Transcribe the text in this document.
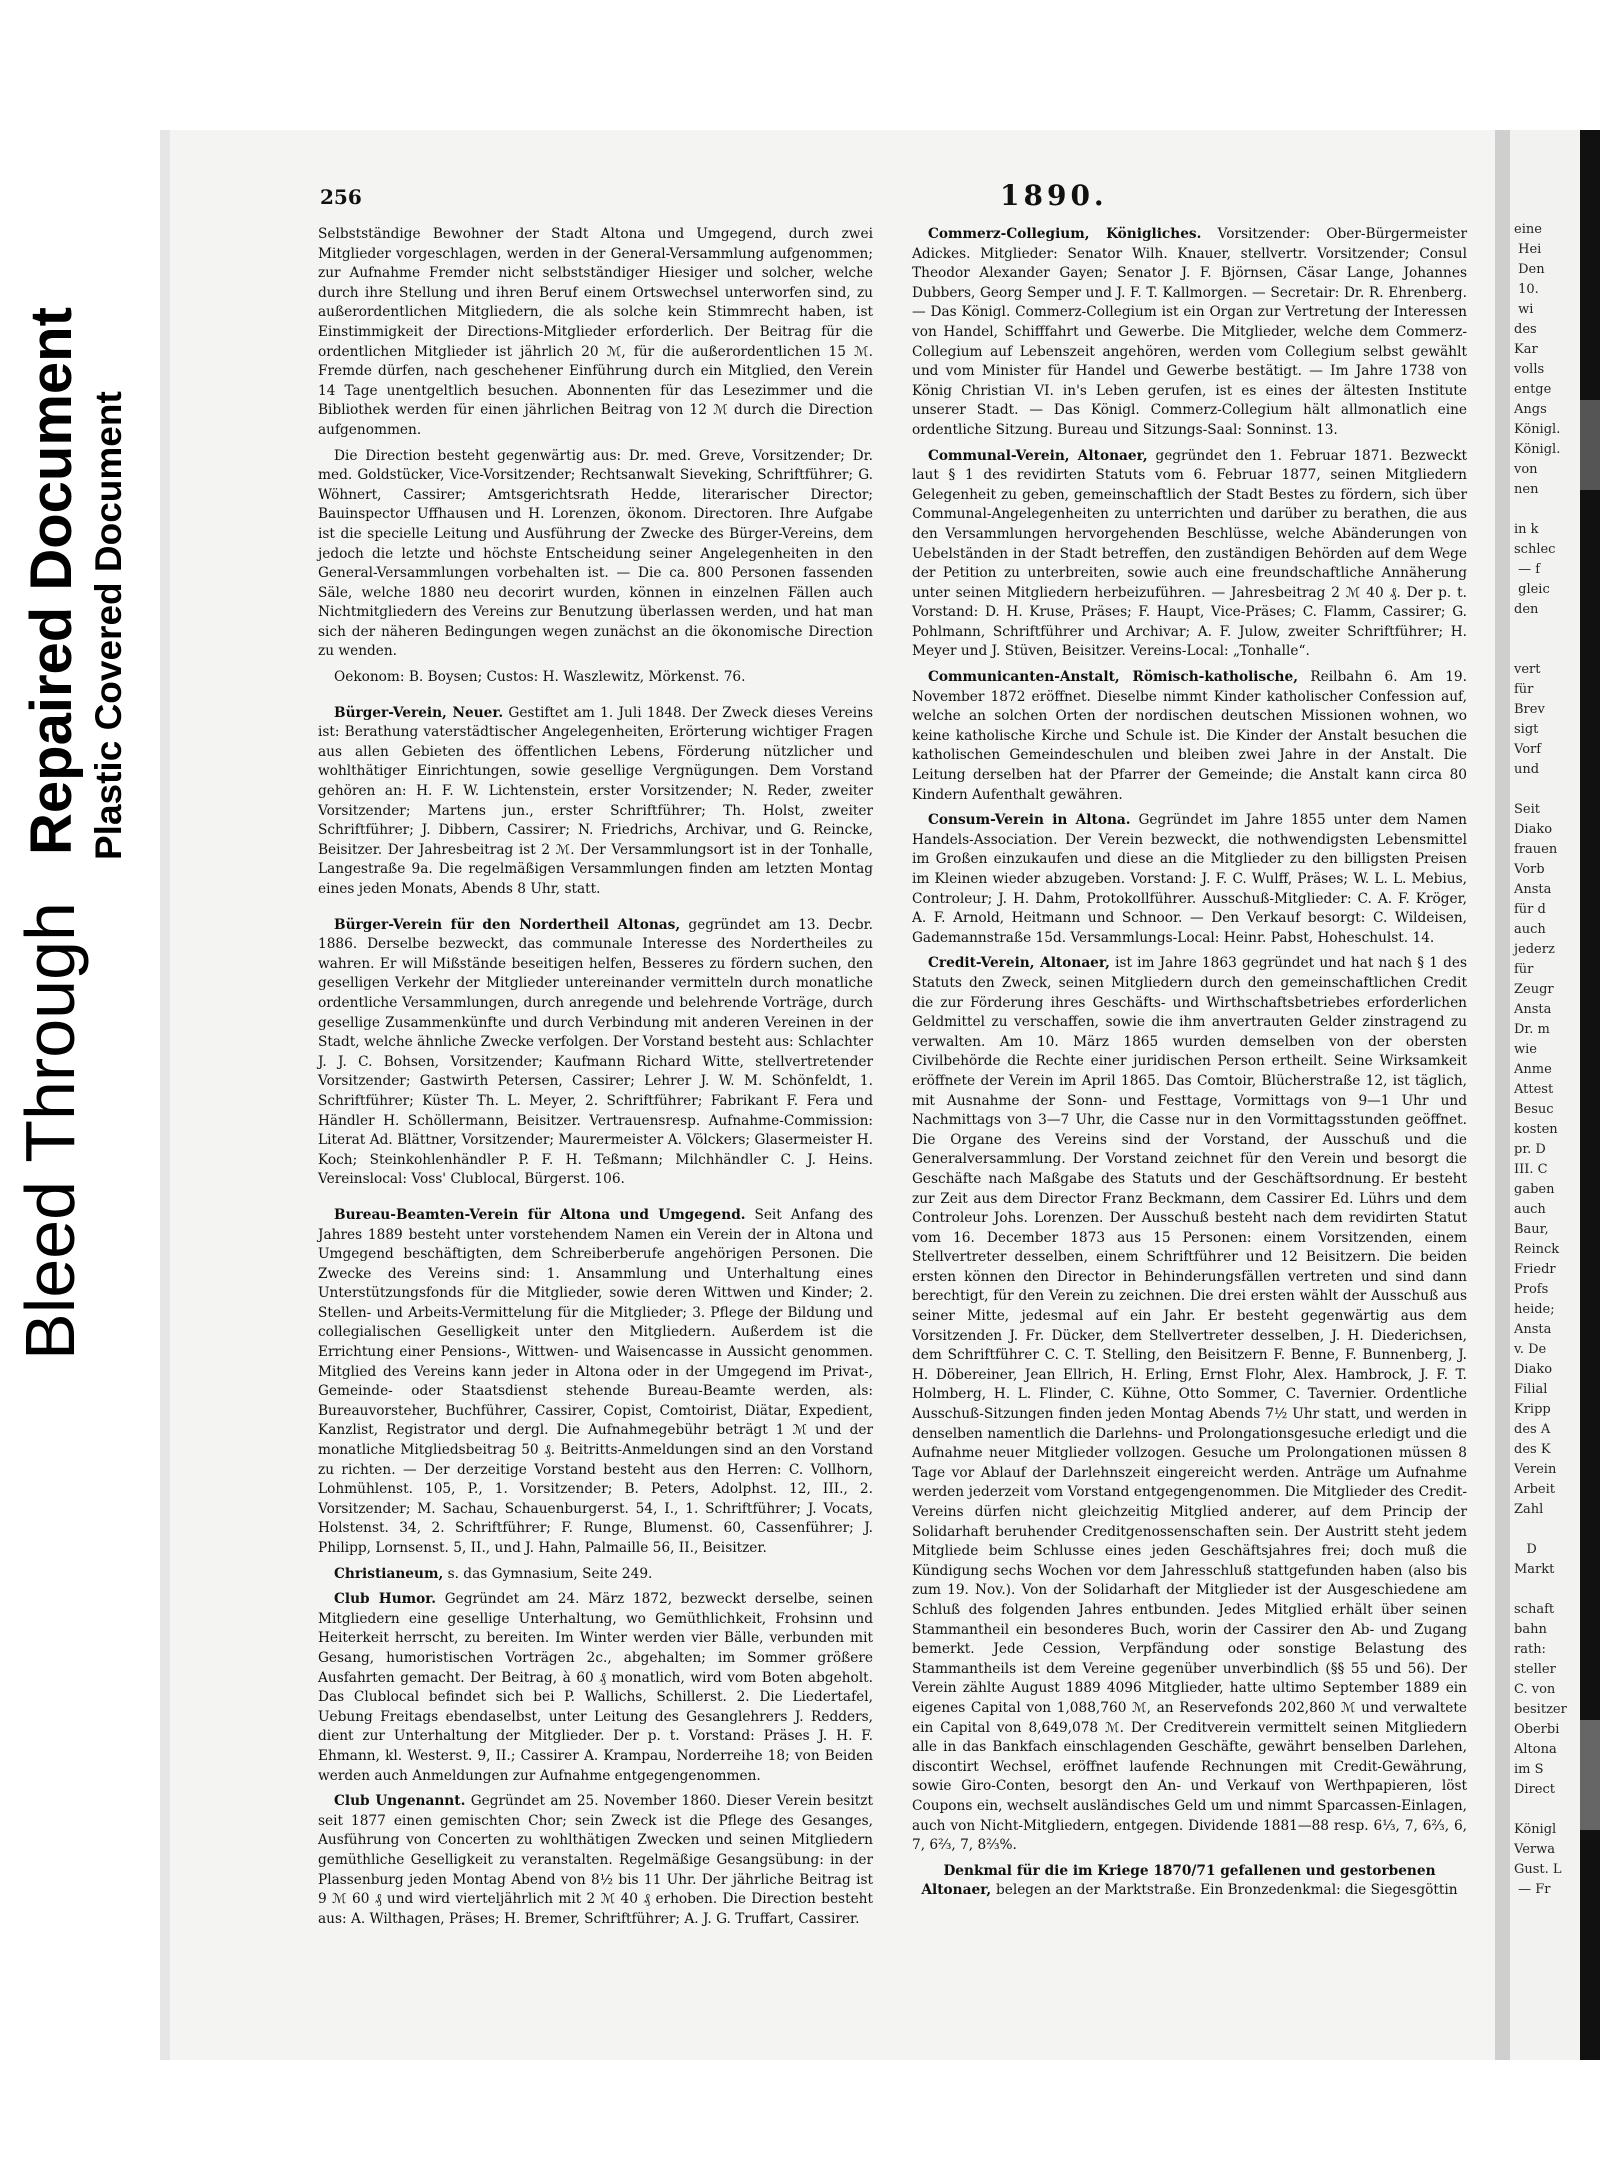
Bleed Through
Repaired Document Plastic Covered Document
256	1890.

Selbstständige Bewohner der Stadt Altona und Umgegend, durch zwei Mitglieder vorgeschlagen, werden in der General-Versammlung aufgenommen; zur Aufnahme Fremder nicht selbstständiger Hiesiger und solcher, welche durch ihre Stellung und ihren Beruf einem Ortswechsel unterworfen sind, zu außerordentlichen Mitgliedern, die als solche kein Stimmrecht haben, ist Einstimmigkeit der Directions-Mitglieder erforderlich. Der Beitrag für die ordentlichen Mitglieder ist jährlich 20 ℳ, für die außerordentlichen 15 ℳ. Fremde dürfen, nach geschehener Einführung durch ein Mitglied, den Verein 14 Tage unentgeltlich besuchen. Abonnenten für das Lesezimmer und die Bibliothek werden für einen jährlichen Beitrag von 12 ℳ durch die Direction aufgenommen.

Die Direction besteht gegenwärtig aus: Dr. med. Greve, Vorsitzender; Dr. med. Goldstücker, Vice-Vorsitzender; Rechtsanwalt Sieveking, Schriftführer; G. Wöhnert, Cassirer; Amtsgerichtsrath Hedde, literarischer Director; Bauinspector Uffhausen und H. Lorenzen, ökonom. Directoren. Ihre Aufgabe ist die specielle Leitung und Ausführung der Zwecke des Bürger-Vereins, dem jedoch die letzte und höchste Entscheidung seiner Angelegenheiten in den General-Versammlungen vorbehalten ist. — Die ca. 800 Personen fassenden Säle, welche 1880 neu decorirt wurden, können in einzelnen Fällen auch Nichtmitgliedern des Vereins zur Benutzung überlassen werden, und hat man sich der näheren Bedingungen wegen zunächst an die ökonomische Direction zu wenden.

Oekonom: B. Boysen; Custos: H. Waszlewitz, Mörkenst. 76.

Bürger-Verein, Neuer. Gestiftet am 1. Juli 1848. Der Zweck dieses Vereins ist: Berathung vaterstädtischer Angelegenheiten, Erörterung wichtiger Fragen aus allen Gebieten des öffentlichen Lebens, Förderung nützlicher und wohlthätiger Einrichtungen, sowie gesellige Vergnügungen. Dem Vorstand gehören an: H. F. W. Lichtenstein, erster Vorsitzender; N. Reder, zweiter Vorsitzender; Martens jun., erster Schriftführer; Th. Holst, zweiter Schriftführer; J. Dibbern, Cassirer; N. Friedrichs, Archivar, und G. Reincke, Beisitzer. Der Jahresbeitrag ist 2 ℳ. Der Versammlungsort ist in der Tonhalle, Langestraße 9a. Die regelmäßigen Versammlungen finden am letzten Montag eines jeden Monats, Abends 8 Uhr, statt.

Bürger-Verein für den Nordertheil Altonas, gegründet am 13. Decbr. 1886. Derselbe bezweckt, das communale Interesse des Nordertheiles zu wahren. Er will Mißstände beseitigen helfen, Besseres zu fördern suchen, den geselligen Verkehr der Mitglieder untereinander vermitteln durch monatliche ordentliche Versammlungen, durch anregende und belehrende Vorträge, durch gesellige Zusammenkünfte und durch Verbindung mit anderen Vereinen in der Stadt, welche ähnliche Zwecke verfolgen. Der Vorstand besteht aus: Schlachter J. J. C. Bohsen, Vorsitzender; Kaufmann Richard Witte, stellvertretender Vorsitzender; Gastwirth Petersen, Cassirer; Lehrer J. W. M. Schönfeldt, 1. Schriftführer; Küster Th. L. Meyer, 2. Schriftführer; Fabrikant F. Fera und Händler H. Schöllermann, Beisitzer. Vertrauensresp. Aufnahme-Commission: Literat Ad. Blättner, Vorsitzender; Maurermeister A. Völckers; Glasermeister H. Koch; Steinkohlenhändler P. F. H. Teßmann; Milchhändler C. J. Heins. Vereinslocal: Voss' Clublocal, Bürgerst. 106.

Bureau-Beamten-Verein für Altona und Umgegend. Seit Anfang des Jahres 1889 besteht unter vorstehendem Namen ein Verein der in Altona und Umgegend beschäftigten, dem Schreiberberufe angehörigen Personen. Die Zwecke des Vereins sind: 1. Ansammlung und Unterhaltung eines Unterstützungsfonds für die Mitglieder, sowie deren Wittwen und Kinder; 2. Stellen- und Arbeits-Vermittelung für die Mitglieder; 3. Pflege der Bildung und collegialischen Geselligkeit unter den Mitgliedern. Außerdem ist die Errichtung einer Pensions-, Wittwen- und Waisencasse in Aussicht genommen. Mitglied des Vereins kann jeder in Altona oder in der Umgegend im Privat-, Gemeinde- oder Staatsdienst stehende Bureau-Beamte werden, als: Bureauvorsteher, Buchführer, Cassirer, Copist, Comtoirist, Diätar, Expedient, Kanzlist, Registrator und dergl. Die Aufnahmegebühr beträgt 1 ℳ und der monatliche Mitgliedsbeitrag 50 ₰. Beitritts-Anmeldungen sind an den Vorstand zu richten. — Der derzeitige Vorstand besteht aus den Herren: C. Vollhorn, Lohmühlenst. 105, P., 1. Vorsitzender; B. Peters, Adolphst. 12, III., 2. Vorsitzender; M. Sachau, Schauenburgerst. 54, I., 1. Schriftführer; J. Vocats, Holstenst. 34, 2. Schriftführer; F. Runge, Blumenst. 60, Cassenführer; J. Philipp, Lornsenst. 5, II., und J. Hahn, Palmaille 56, II., Beisitzer.

Christianeum, s. das Gymnasium, Seite 249.

Club Humor. Gegründet am 24. März 1872, bezweckt derselbe, seinen Mitgliedern eine gesellige Unterhaltung, wo Gemüthlichkeit, Frohsinn und Heiterkeit herrscht, zu bereiten. Im Winter werden vier Bälle, verbunden mit Gesang, humoristischen Vorträgen 2c., abgehalten; im Sommer größere Ausfahrten gemacht. Der Beitrag, à 60 ₰ monatlich, wird vom Boten abgeholt. Das Clublocal befindet sich bei P. Wallichs, Schillerst. 2. Die Liedertafel, Uebung Freitags ebendaselbst, unter Leitung des Gesanglehrers J. Redders, dient zur Unterhaltung der Mitglieder. Der p. t. Vorstand: Präses J. H. F. Ehmann, kl. Westerst. 9, II.; Cassirer A. Krampau, Norderreihe 18; von Beiden werden auch Anmeldungen zur Aufnahme entgegengenommen.

Club Ungenannt. Gegründet am 25. November 1860. Dieser Verein besitzt seit 1877 einen gemischten Chor; sein Zweck ist die Pflege des Gesanges, Ausführung von Concerten zu wohlthätigen Zwecken und seinen Mitgliedern gemüthliche Geselligkeit zu veranstalten. Regelmäßige Gesangsübung: in der Plassenburg jeden Montag Abend von 8½ bis 11 Uhr. Der jährliche Beitrag ist 9 ℳ 60 ₰ und wird vierteljährlich mit 2 ℳ 40 ₰ erhoben. Die Direction besteht aus: A. Wilthagen, Präses; H. Bremer, Schriftführer; A. J. G. Truffart, Cassirer.

Commerz-Collegium, Königliches. Vorsitzender: Ober-Bürgermeister Adickes. Mitglieder: Senator Wilh. Knauer, stellvertr. Vorsitzender; Consul Theodor Alexander Gayen; Senator J. F. Björnsen, Cäsar Lange, Johannes Dubbers, Georg Semper und J. F. T. Kallmorgen. — Secretair: Dr. R. Ehrenberg. — Das Königl. Commerz-Collegium ist ein Organ zur Vertretung der Interessen von Handel, Schifffahrt und Gewerbe. Die Mitglieder, welche dem Commerz-Collegium auf Lebenszeit angehören, werden vom Collegium selbst gewählt und vom Minister für Handel und Gewerbe bestätigt. — Im Jahre 1738 von König Christian VI. in's Leben gerufen, ist es eines der ältesten Institute unserer Stadt. — Das Königl. Commerz-Collegium hält allmonatlich eine ordentliche Sitzung. Bureau und Sitzungs-Saal: Sonninst. 13.

Communal-Verein, Altonaer, gegründet den 1. Februar 1871. Bezweckt laut § 1 des revidirten Statuts vom 6. Februar 1877, seinen Mitgliedern Gelegenheit zu geben, gemeinschaftlich der Stadt Bestes zu fördern, sich über Communal-Angelegenheiten zu unterrichten und darüber zu berathen, die aus den Versammlungen hervorgehenden Beschlüsse, welche Abänderungen von Uebelständen in der Stadt betreffen, den zuständigen Behörden auf dem Wege der Petition zu unterbreiten, sowie auch eine freundschaftliche Annäherung unter seinen Mitgliedern herbeizuführen. — Jahresbeitrag 2 ℳ 40 ₰. Der p. t. Vorstand: D. H. Kruse, Präses; F. Haupt, Vice-Präses; C. Flamm, Cassirer; G. Pohlmann, Schriftführer und Archivar; A. F. Julow, zweiter Schriftführer; H. Meyer und J. Stüven, Beisitzer. Vereins-Local: „Tonhalle“.

Communicanten-Anstalt, Römisch-katholische, Reilbahn 6. Am 19. November 1872 eröffnet. Dieselbe nimmt Kinder katholischer Confession auf, welche an solchen Orten der nordischen deutschen Missionen wohnen, wo keine katholische Kirche und Schule ist. Die Kinder der Anstalt besuchen die katholischen Gemeindeschulen und bleiben zwei Jahre in der Anstalt. Die Leitung derselben hat der Pfarrer der Gemeinde; die Anstalt kann circa 80 Kindern Aufenthalt gewähren.

Consum-Verein in Altona. Gegründet im Jahre 1855 unter dem Namen Handels-Association. Der Verein bezweckt, die nothwendigsten Lebensmittel im Großen einzukaufen und diese an die Mitglieder zu den billigsten Preisen im Kleinen wieder abzugeben. Vorstand: J. F. C. Wulff, Präses; W. L. L. Mebius, Controleur; J. H. Dahm, Protokollführer. Ausschuß-Mitglieder: C. A. F. Kröger, A. F. Arnold, Heitmann und Schnoor. — Den Verkauf besorgt: C. Wildeisen, Gademannstraße 15d. Versammlungs-Local: Heinr. Pabst, Hoheschulst. 14.

Credit-Verein, Altonaer, ist im Jahre 1863 gegründet und hat nach § 1 des Statuts den Zweck, seinen Mitgliedern durch den gemeinschaftlichen Credit die zur Förderung ihres Geschäfts- und Wirthschaftsbetriebes erforderlichen Geldmittel zu verschaffen, sowie die ihm anvertrauten Gelder zinstragend zu verwalten. Am 10. März 1865 wurden demselben von der obersten Civilbehörde die Rechte einer juridischen Person ertheilt. Seine Wirksamkeit eröffnete der Verein im April 1865. Das Comtoir, Blücherstraße 12, ist täglich, mit Ausnahme der Sonn- und Festtage, Vormittags von 9—1 Uhr und Nachmittags von 3—7 Uhr, die Casse nur in den Vormittagsstunden geöffnet. Die Organe des Vereins sind der Vorstand, der Ausschuß und die Generalversammlung. Der Vorstand zeichnet für den Verein und besorgt die Geschäfte nach Maßgabe des Statuts und der Geschäftsordnung. Er besteht zur Zeit aus dem Director Franz Beckmann, dem Cassirer Ed. Lührs und dem Controleur Johs. Lorenzen. Der Ausschuß besteht nach dem revidirten Statut vom 16. December 1873 aus 15 Personen: einem Vorsitzenden, einem Stellvertreter desselben, einem Schriftführer und 12 Beisitzern. Die beiden ersten können den Director in Behinderungsfällen vertreten und sind dann berechtigt, für den Verein zu zeichnen. Die drei ersten wählt der Ausschuß aus seiner Mitte, jedesmal auf ein Jahr. Er besteht gegenwärtig aus dem Vorsitzenden J. Fr. Dücker, dem Stellvertreter desselben, J. H. Diederichsen, dem Schriftführer C. C. T. Stelling, den Beisitzern F. Benne, F. Bunnenberg, J. H. Döbereiner, Jean Ellrich, H. Erling, Ernst Flohr, Alex. Hambrock, J. F. T. Holmberg, H. L. Flinder, C. Kühne, Otto Sommer, C. Tavernier. Ordentliche Ausschuß-Sitzungen finden jeden Montag Abends 7½ Uhr statt, und werden in denselben namentlich die Darlehns- und Prolongationsgesuche erledigt und die Aufnahme neuer Mitglieder vollzogen. Gesuche um Prolongationen müssen 8 Tage vor Ablauf der Darlehnszeit eingereicht werden. Anträge um Aufnahme werden jederzeit vom Vorstand entgegengenommen. Die Mitglieder des Credit-Vereins dürfen nicht gleichzeitig Mitglied anderer, auf dem Princip der Solidarhaft beruhender Creditgenossenschaften sein. Der Austritt steht jedem Mitgliede beim Schlusse eines jeden Geschäftsjahres frei; doch muß die Kündigung sechs Wochen vor dem Jahresschluß stattgefunden haben (also bis zum 19. Nov.). Von der Solidarhaft der Mitglieder ist der Ausgeschiedene am Schluß des folgenden Jahres entbunden. Jedes Mitglied erhält über seinen Stammantheil ein besonderes Buch, worin der Cassirer den Ab- und Zugang bemerkt. Jede Cession, Verpfändung oder sonstige Belastung des Stammantheils ist dem Vereine gegenüber unverbindlich (§§ 55 und 56). Der Verein zählte August 1889 4096 Mitglieder, hatte ultimo September 1889 ein eigenes Capital von 1,088,760 ℳ, an Reservefonds 202,860 ℳ und verwaltete ein Capital von 8,649,078 ℳ. Der Creditverein vermittelt seinen Mitgliedern alle in das Bankfach einschlagenden Geschäfte, gewährt benselben Darlehen, discontirt Wechsel, eröffnet laufende Rechnungen mit Credit-Gewährung, sowie Giro-Conten, besorgt den An- und Verkauf von Werthpapieren, löst Coupons ein, wechselt ausländisches Geld um und nimmt Sparcassen-Einlagen, auch von Nicht-Mitgliedern, entgegen. Dividende 1881—88 resp. 6⅓, 7, 6⅔, 6, 7, 6⅔, 7, 8⅔%.

Denkmal für die im Kriege 1870/71 gefallenen und gestorbenen Altonaer, belegen an der Marktstraße. Ein Bronzedenkmal: die Siegesgöttin

eine
Hei
Den
10.
wi
des
Kar
volls
entge
Angs
Königl.
Königl.
von
nen

in k
schlec
— f
gleic
den

vert
für
Brev
sigt
Vorf
und

Seit
Diako
frauen
Vorb
Ansta
für d
auch
jederz
für
Zeugr
Ansta
Dr. m
wie
Anme
Attest
Besuc
kosten
pr. D
III. C
gaben
auch
Baur,
Reinck
Friedr
Profs
heide;
Ansta
v. De
Diako
Filial
Kripp
des A
des K
Verein
Arbeit
Zahl

D
Markt

schaft
bahn
rath:
steller
C. von
besitzer
Oberbi
Altona
im S
Direct

Königl
Verwa
Gust. L
— Fr
